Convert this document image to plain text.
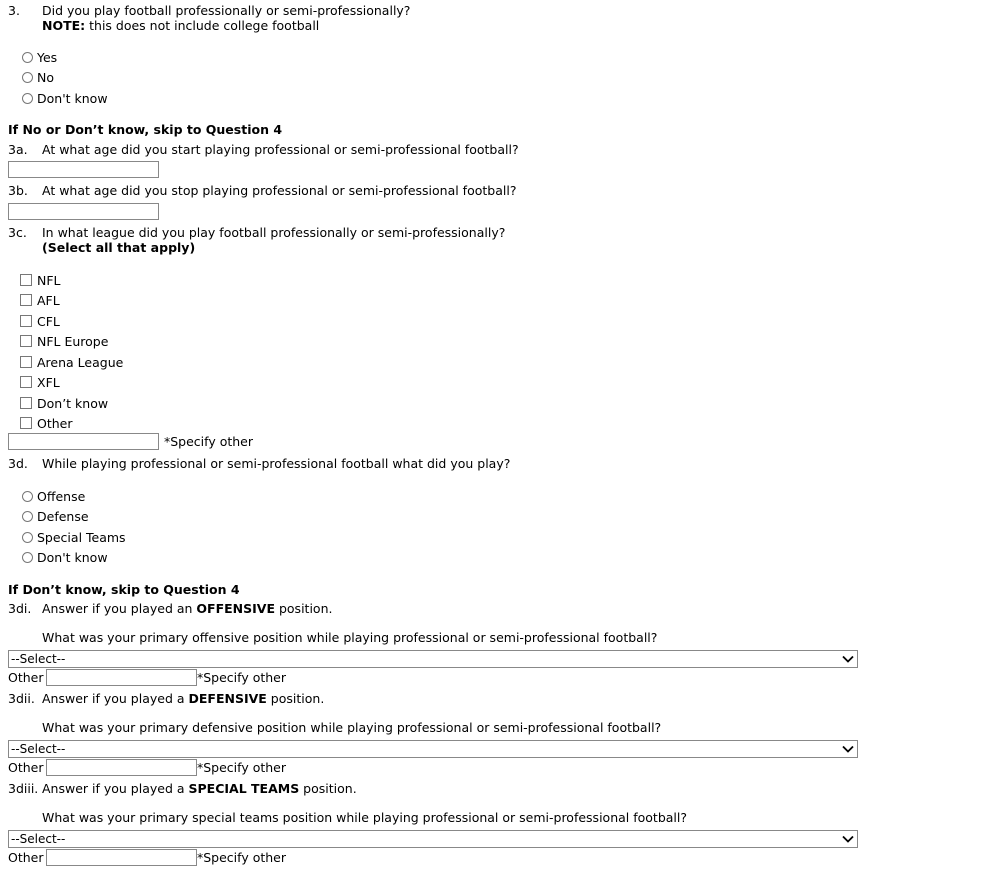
3. Did you play football professionally or semi-professionally?
NOTE: this does not include college football
Yes
No
Don't know
If No or Don’t know, skip to Question 4
3a. At what age did you start playing professional or semi-professional football?
3b. At what age did you stop playing professional or semi-professional football?
3c. In what league did you play football professionally or semi-professionally?
(Select all that apply)
NFL
AFL
CFL
NFL Europe
Arena League
XFL
Don’t know
Other
*Specify other
3d. While playing professional or semi-professional football what did you play?
Offense
Defense
Special Teams
Don't know
If Don’t know, skip to Question 4
3di. Answer if you played an OFFENSIVE position.
What was your primary offensive position while playing professional or semi-professional football?
--Select--
Other	*Specify other
3dii. Answer if you played a DEFENSIVE position.
What was your primary defensive position while playing professional or semi-professional football?
--Select--
Other	*Specify other
3diii. Answer if you played a SPECIAL TEAMS position.
What was your primary special teams position while playing professional or semi-professional football?
--Select--
Other	*Specify other
